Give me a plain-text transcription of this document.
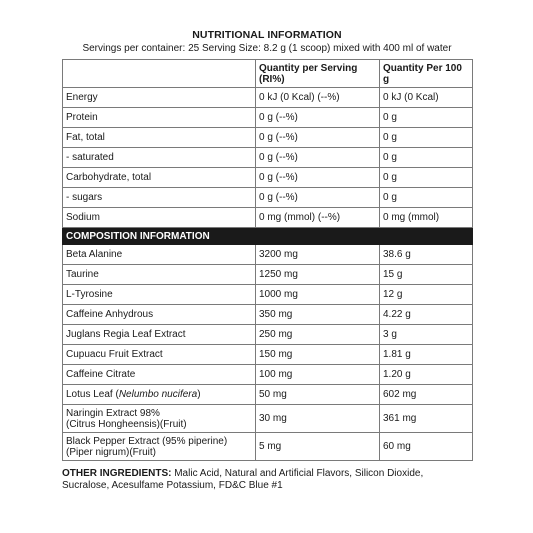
NUTRITIONAL INFORMATION
Servings per container: 25 Serving Size: 8.2 g (1 scoop) mixed with 400 ml of water
	Quantity per Serving (RI%)	Quantity Per 100 g
Energy	0 kJ (0 Kcal) (--%)	0 kJ (0 Kcal)
Protein	0 g (--%)	0 g
Fat, total	0 g (--%)	0 g
- saturated	0 g (--%)	0 g
Carbohydrate, total	0 g (--%)	0 g
- sugars	0 g (--%)	0 g
Sodium	0 mg (mmol) (--%)	0 mg (mmol)
COMPOSITION INFORMATION		
Beta Alanine	3200 mg	38.6 g
Taurine	1250 mg	15 g
L-Tyrosine	1000 mg	12 g
Caffeine Anhydrous	350 mg	4.22 g
Juglans Regia Leaf Extract	250 mg	3 g
Cupuacu Fruit Extract	150 mg	1.81 g
Caffeine Citrate	100 mg	1.20 g
Lotus Leaf (Nelumbo nucifera)	50 mg	602 mg

Naringin Extract 98%
(Citrus Hongheensis)(Fruit)	30 mg	361 mg

Black Pepper Extract (95% piperine)
(Piper nigrum)(Fruit)	5 mg	60 mg
OTHER INGREDIENTS: Malic Acid, Natural and Artificial Flavors, Silicon Dioxide, Sucralose, Acesulfame Potassium, FD&C Blue #1
